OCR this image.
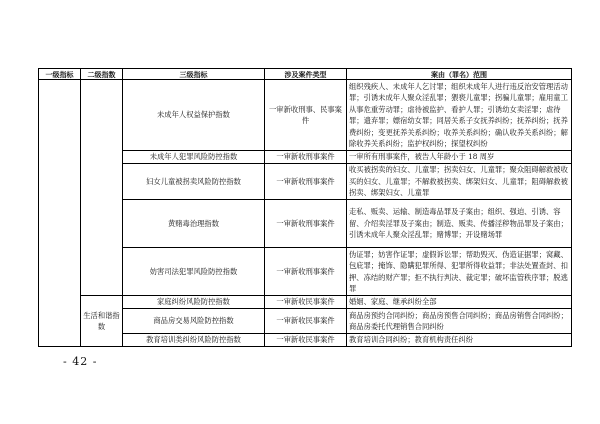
一级指标	二级指数	三级指标	涉及案件类型	案由（罪名）范围
		未成年人权益保护指数	一审新收刑事、民事案件	组织残疾人、未成年人乞讨罪；组织未成年人进行违反治安管理活动罪；引诱未成年人聚众淫乱罪；猥亵儿童罪；拐骗儿童罪；雇用童工从事危重劳动罪；虐待被监护、看护人罪；引诱幼女卖淫罪；虐待罪；遗弃罪；嫖宿幼女罪；同居关系子女抚养纠纷；抚养纠纷；抚养费纠纷；变更抚养关系纠纷；收养关系纠纷；确认收养关系纠纷；解除收养关系纠纷；监护权纠纷；探望权纠纷
		未成年人犯罪风险防控指数	一审新收刑事案件	一审所有刑事案件，被告人年龄小于 18 周岁
		妇女儿童被拐卖风险防控指数	一审新收刑事案件	收买被拐卖的妇女、儿童罪；拐卖妇女、儿童罪；聚众阻碍解救被收买的妇女、儿童罪；不解救被拐卖、绑架妇女、儿童罪；阻碍解救被拐卖、绑架妇女、儿童罪
		黄赌毒治理指数	一审新收刑事案件	走私、贩卖、运输、制造毒品罪及子案由；组织、强迫、引诱、容留、介绍卖淫罪及子案由；制造、贩卖、传播淫秽物品罪及子案由；引诱未成年人聚众淫乱罪；赌博罪；开设赌场罪
		妨害司法犯罪风险防控指数	一审新收刑事案件	伪证罪；妨害作证罪；虚假诉讼罪；帮助毁灭、伪造证据罪；窝藏、包庇罪；掩饰、隐瞒犯罪所得、犯罪所得收益罪；非法处置查封、扣押、冻结的财产罪；拒不执行判决、裁定罪；破坏监管秩序罪；脱逃罪
	生活和谐指数	家庭纠纷风险防控指数	一审新收民事案件	婚姻、家庭、继承纠纷全部
		商品房交易风险防控指数	一审新收民事案件	商品房预约合同纠纷；商品房预售合同纠纷；商品房销售合同纠纷；商品房委托代理销售合同纠纷
		教育培训类纠纷风险防控指数	一审新收民事案件	教育培训合同纠纷；教育机构责任纠纷
- 42 -
